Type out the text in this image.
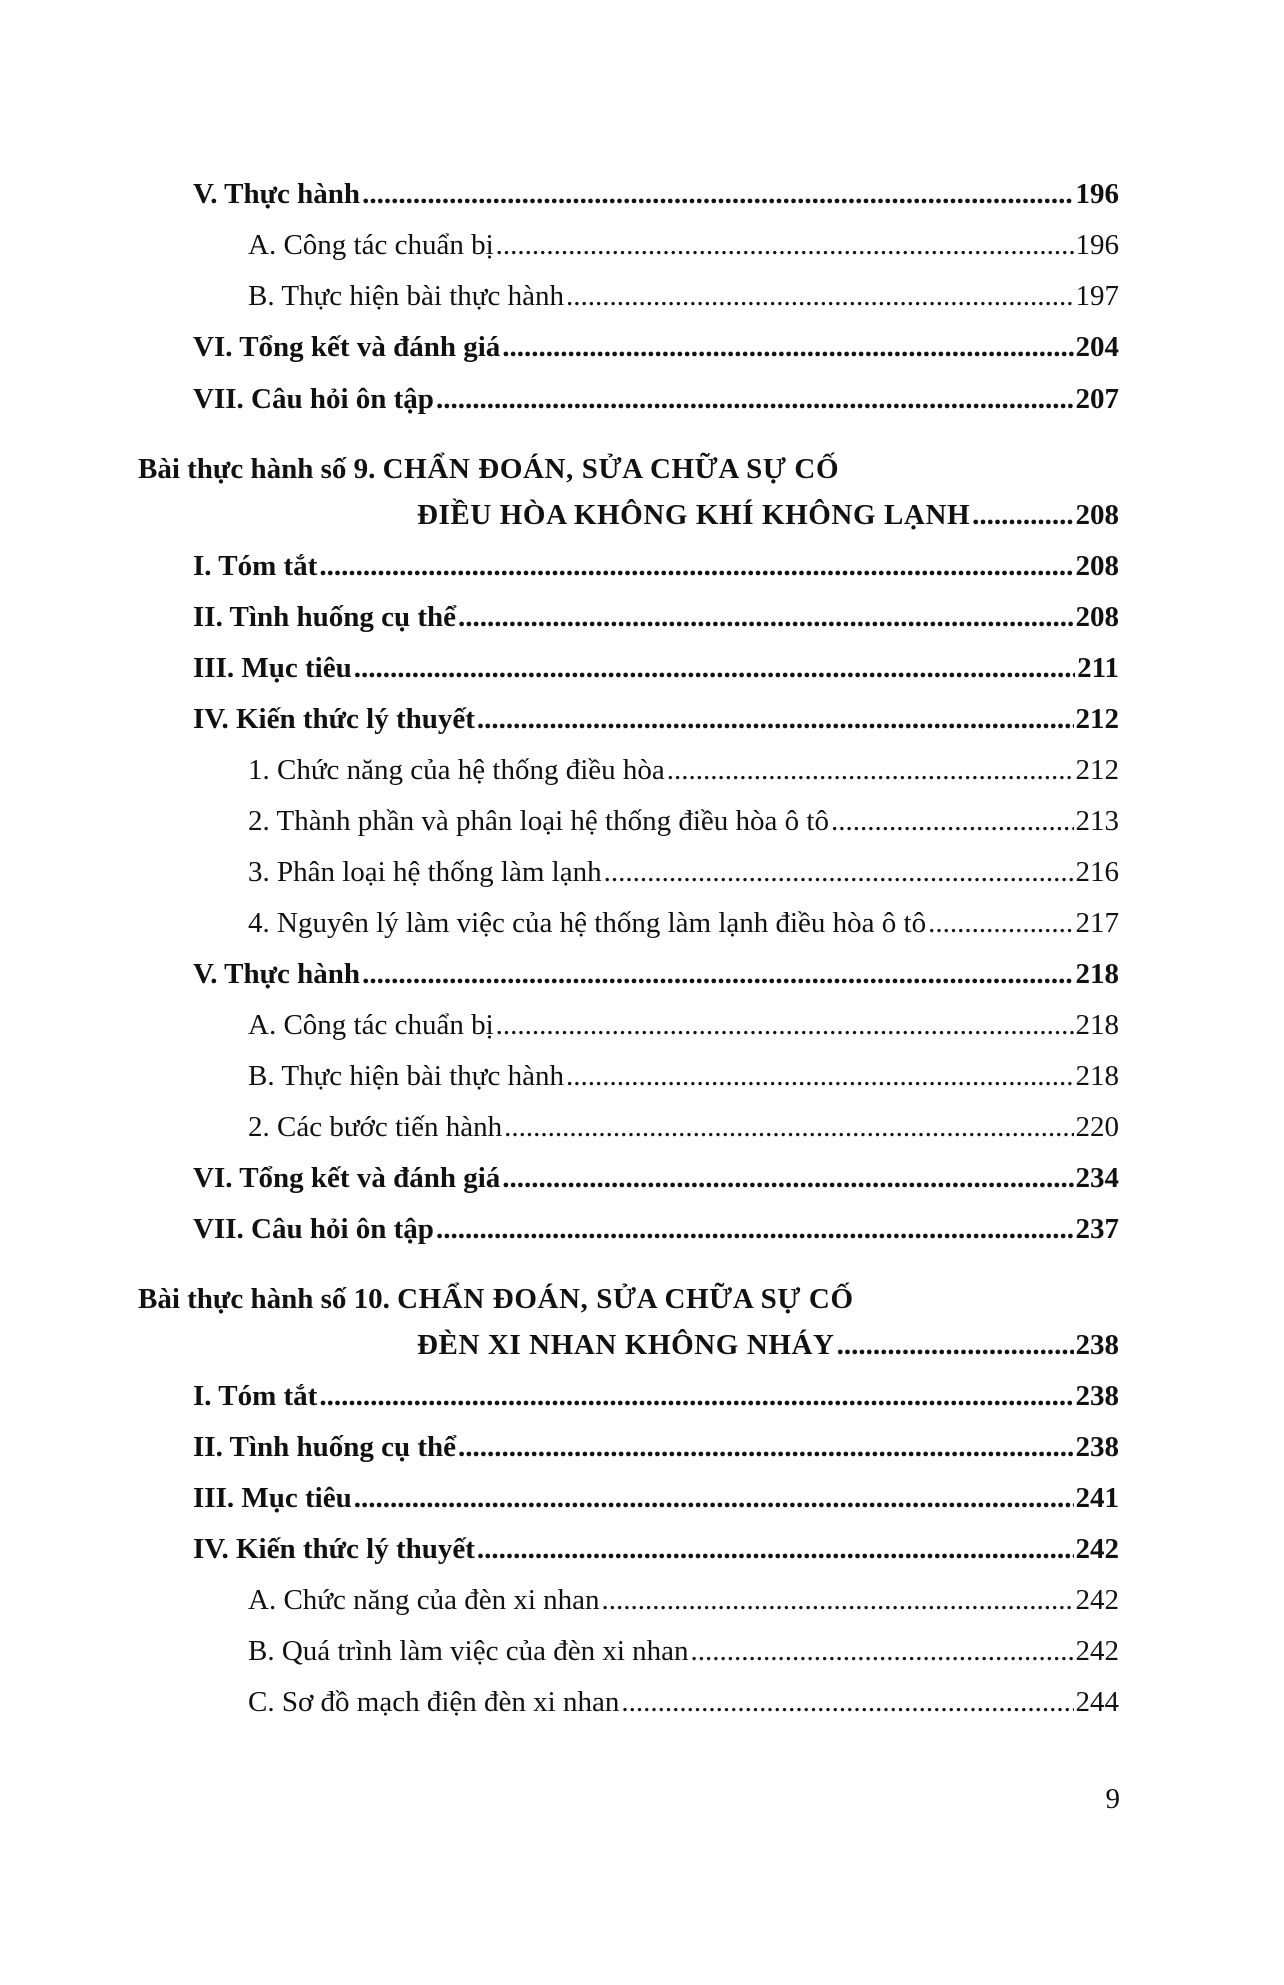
V. Thực hành .....	196
A. Công tác chuẩn bị .....	196
B. Thực hiện bài thực hành .....	197
VI. Tổng kết và đánh giá .....	204
VII. Câu hỏi ôn tập .....	207
Bài thực hành số 9. CHẨN ĐOÁN, SỬA CHỮA SỰ CỐ
ĐIỀU HÒA KHÔNG KHÍ KHÔNG LẠNH .....	208
I. Tóm tắt .....	208
II. Tình huống cụ thể .....	208
III. Mục tiêu .....	211
IV. Kiến thức lý thuyết .....	212
1. Chức năng của hệ thống điều hòa .....	212
2. Thành phần và phân loại hệ thống điều hòa ô tô .....	213
3. Phân loại hệ thống làm lạnh .....	216
4. Nguyên lý làm việc của hệ thống làm lạnh điều hòa ô tô .....	217
V. Thực hành .....	218
A. Công tác chuẩn bị .....	218
B. Thực hiện bài thực hành .....	218
2. Các bước tiến hành .....	220
VI. Tổng kết và đánh giá .....	234
VII. Câu hỏi ôn tập .....	237
Bài thực hành số 10. CHẨN ĐOÁN, SỬA CHỮA SỰ CỐ
ĐÈN XI NHAN KHÔNG NHÁY .....	238
I. Tóm tắt .....	238
II. Tình huống cụ thể .....	238
III. Mục tiêu .....	241
IV. Kiến thức lý thuyết .....	242
A. Chức năng của đèn xi nhan .....	242
B. Quá trình làm việc của đèn xi nhan .....	242
C. Sơ đồ mạch điện đèn xi nhan .....	244
9
